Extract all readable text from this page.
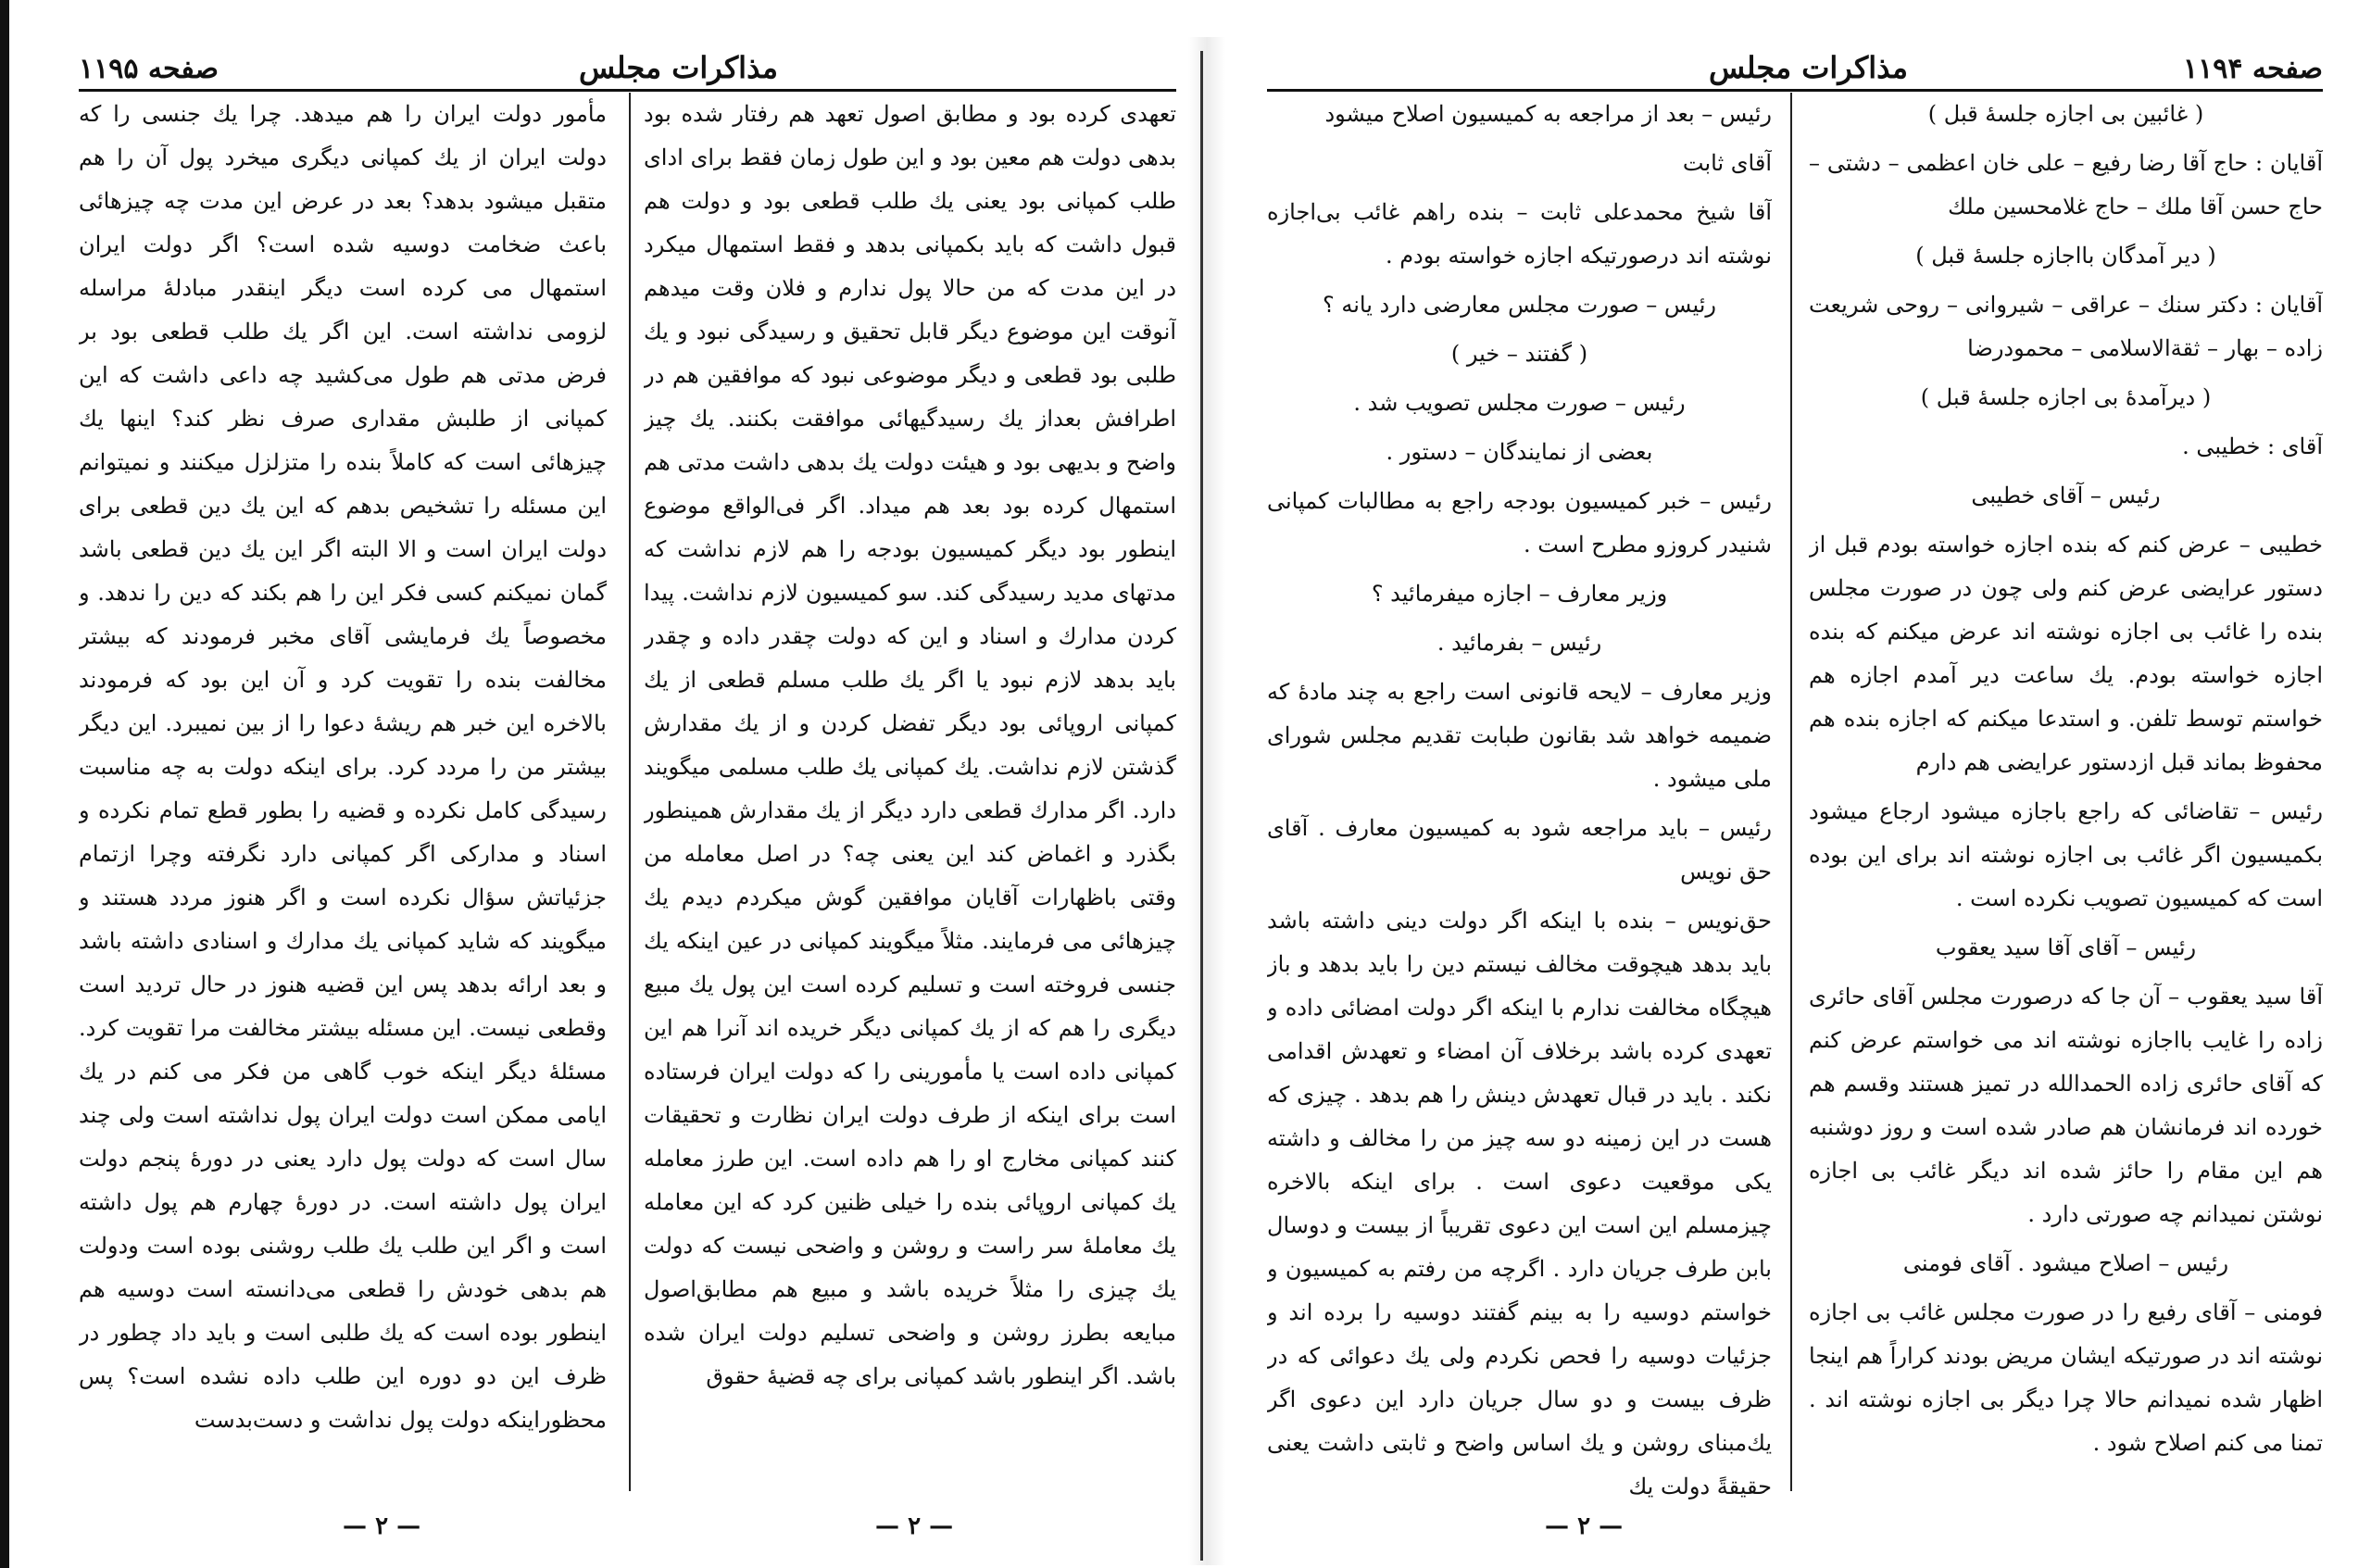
مذاکرات مجلس
صفحه ۱۱۹۵

تعهدی کرده بود و مطابق اصول تعهد هم رفتار شده بود بدهی دولت هم معین بود و این طول زمان فقط برای ادای طلب کمپانی بود یعنی یك طلب قطعی بود و دولت هم قبول داشت که باید بکمپانی بدهد و فقط استمهال میکرد در این مدت که من حالا پول ندارم و فلان وقت میدهم آنوقت این موضوع دیگر قابل تحقیق و رسیدگی نبود و یك طلبی بود قطعی و دیگر موضوعی نبود که موافقین هم در اطرافش بعداز یك رسیدگیهائی موافقت بکنند. یك چیز واضح و بدیهی بود و هیئت دولت یك بدهی داشت مدتی هم استمهال کرده بود بعد هم میداد. اگر فی‌الواقع موضوع اینطور بود دیگر کمیسیون بودجه را هم لازم نداشت که مدتهای مدید رسیدگی کند. سو کمیسیون لازم نداشت. پیدا کردن مدارك و اسناد و این که دولت چقدر داده و چقدر باید بدهد لازم نبود یا اگر یك طلب مسلم قطعی از یك کمپانی اروپائی بود دیگر تفضل کردن و از یك مقدارش گذشتن لازم نداشت. یك کمپانی یك طلب مسلمی میگویند دارد. اگر مدارك قطعی دارد دیگر از یك مقدارش همینطور بگذرد و اغماض کند این یعنی چه؟ در اصل معامله من وقتی باظهارات آقایان موافقین گوش میکردم دیدم یك چیزهائی می فرمایند. مثلاً میگویند کمپانی در عین اینکه یك جنسی فروخته است و تسلیم کرده است این پول یك مبیع دیگری را هم که از یك کمپانی دیگر خریده اند آنرا هم این کمپانی داده است یا مأمورینی را که دولت ایران فرستاده است برای اینکه از طرف دولت ایران نظارت و تحقیقات کنند کمپانی مخارج او را هم داده است. این طرز معامله یك کمپانی اروپائی بنده را خیلی ظنین کرد که این معامله یك معاملهٔ سر راست و روشن و واضحی نیست که دولت یك چیزی را مثلاً خریده باشد و مبیع هم مطابق‌اصول مبایعه بطرز روشن و واضحی تسلیم دولت ایران شده باشد. اگر اینطور باشد کمپانی برای چه قضیهٔ حقوق

مأمور دولت ایران را هم میدهد. چرا یك جنسی را که دولت ایران از یك کمپانی دیگری میخرد پول آن را هم متقبل میشود بدهد؟ بعد در عرض این مدت چه چیزهائی باعث ضخامت دوسیه شده است؟ اگر دولت ایران استمهال می کرده است دیگر اینقدر مبادلهٔ مراسله لزومی نداشته است. این اگر یك طلب قطعی بود بر فرض مدتی هم طول می‌کشید چه داعی داشت که این کمپانی از طلبش مقداری صرف نظر کند؟ اینها یك چیزهائی است که کاملاً بنده را متزلزل میکنند و نمیتوانم این مسئله را تشخیص بدهم که این یك دین قطعی برای دولت ایران است و الا البته اگر این یك دین قطعی باشد گمان نمیکنم کسی فکر این را هم بکند که دین را ندهد. و مخصوصاً یك فرمایشی آقای مخبر فرمودند که بیشتر مخالفت بنده را تقویت کرد و آن این بود که فرمودند بالاخره این خبر هم ریشهٔ دعوا را از بین نمیبرد. این دیگر بیشتر من را مردد کرد. برای اینکه دولت به چه مناسبت رسیدگی کامل نکرده و قضیه را بطور قطع تمام نکرده و اسناد و مدارکی اگر کمپانی دارد نگرفته وچرا ازتمام جزئیاتش سؤال نکرده است و اگر هنوز مردد هستند و میگویند که شاید کمپانی یك مدارك و اسنادی داشته باشد و بعد ارائه بدهد پس این قضیه هنوز در حال تردید است وقطعی نیست. این مسئله بیشتر مخالفت مرا تقویت کرد. مسئلهٔ دیگر اینکه خوب گاهی من فکر می کنم در یك ایامی ممکن است دولت ایران پول نداشته است ولی چند سال است که دولت پول دارد یعنی در دورهٔ پنجم دولت ایران پول داشته است. در دورهٔ چهارم هم پول داشته است و اگر این طلب یك طلب روشنی بوده است ودولت هم بدهی خودش را قطعی می‌دانسته است دوسیه هم اینطور بوده است که یك طلبی است و باید داد چطور در ظرف این دو دوره این طلب داده نشده است؟ پس محظوراینکه دولت پول نداشت و دست‌بدست

— ۲ —
— ۲ —
صفحه ۱۱۹۴
مذاکرات مجلس

( غائبین بی اجازه جلسهٔ قبل )

آقایان : حاج آقا رضا رفیع – علی خان اعظمی – دشتی – حاج حسن آقا ملك – حاج غلامحسین ملك

( دیر آمدگان بااجازه جلسهٔ قبل )

آقایان : دکتر سنك – عراقی – شیروانی – روحی شریعت زاده – بهار – ثقة‌الاسلامی – محمودرضا

( دیرآمدهٔ بی اجازه جلسهٔ قبل )

آقای : خطیبی .

رئیس – آقای خطیبی

خطیبی – عرض کنم که بنده اجازه خواسته بودم قبل از دستور عرایضی عرض کنم ولی چون در صورت مجلس بنده را غائب بی اجازه نوشته اند عرض میکنم که بنده اجازه خواسته بودم. یك ساعت دیر آمدم اجازه هم خواستم توسط تلفن. و استدعا میکنم که اجازه بنده هم محفوظ بماند قبل ازدستور عرایضی هم دارم

رئیس – تقاضائی که راجع باجازه میشود ارجاع میشود بکمیسیون اگر غائب بی اجازه نوشته اند برای این بوده است که کمیسیون تصویب نکرده است .

رئیس – آقای آقا سید یعقوب

آقا سید یعقوب – آن جا که درصورت مجلس آقای حائری زاده را غایب بااجازه نوشته اند می خواستم عرض کنم که آقای حائری زاده الحمدالله در تمیز هستند وقسم هم خورده اند فرمانشان هم صادر شده است و روز دوشنبه هم این مقام را حائز شده اند دیگر غائب بی اجازه نوشتن نمیدانم چه صورتی دارد .

رئیس – اصلاح میشود . آقای فومنی

فومنی – آقای رفیع را در صورت مجلس غائب بی اجازه نوشته اند در صورتیکه ایشان مریض بودند کراراً هم اینجا اظهار شده نمیدانم حالا چرا دیگر بی اجازه نوشته اند . تمنا می کنم اصلاح شود .

رئیس – بعد از مراجعه به کمیسیون اصلاح میشود

آقای ثابت

آقا شیخ محمدعلی ثابت – بنده راهم غائب بی‌اجازه نوشته اند درصورتیکه اجازه خواسته بودم .

رئیس – صورت مجلس معارضی دارد یانه ؟

( گفتند – خیر )

رئیس – صورت مجلس تصویب شد .

بعضی از نمایندگان – دستور .

رئیس – خبر کمیسیون بودجه راجع به مطالبات کمپانی شنیدر کروزو مطرح است .

وزیر معارف – اجازه میفرمائید ؟

رئیس – بفرمائید .

وزیر معارف – لایحه قانونی است راجع به چند مادهٔ که ضمیمه خواهد شد بقانون طبابت تقدیم مجلس شورای ملی میشود .

رئیس – باید مراجعه شود به کمیسیون معارف . آقای حق نویس

حق‌نویس – بنده با اینکه اگر دولت دینی داشته باشد باید بدهد هیچوقت مخالف نیستم دین را باید بدهد و باز هیچگاه مخالفت ندارم با اینکه اگر دولت امضائی داده و تعهدی کرده باشد برخلاف آن امضاء و تعهدش اقدامی نکند . باید در قبال تعهدش دینش را هم بدهد . چیزی که هست در این زمینه دو سه چیز من را مخالف‌ و داشته یکی موقعیت دعوی است . برای اینکه بالاخره چیزمسلم این است این دعوی تقریباً از بیست و دوسال بابن طرف جریان دارد . اگرچه من رفتم به کمیسیون و خواستم دوسیه را به بینم گفتند دوسیه را برده اند و جزئیات دوسیه را فحص نکردم ولی یك دعوائی که در ظرف بیست و دو سال جریان دارد این دعوی اگر یك‌مبنای روشن و یك اساس واضح و ثابتی داشت یعنی حقیقةً دولت یك

— ۲ —
